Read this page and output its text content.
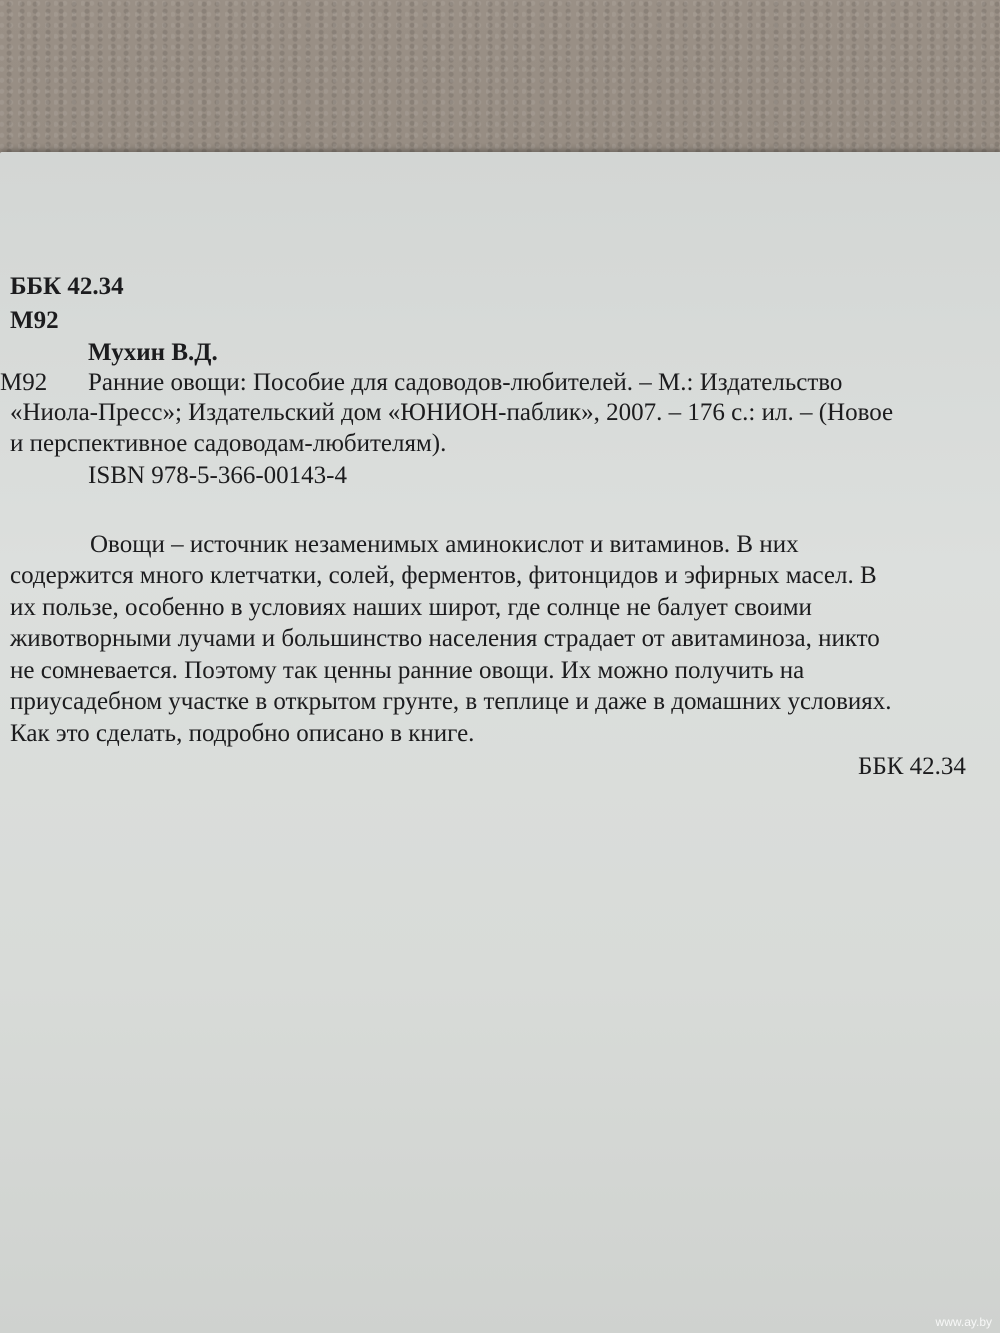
ББК 42.34
М92
Мухин В.Д.
М92 Ранние овощи: Пособие для садоводов-любителей. – М.: Издательство
«Ниола-Пресс»; Издательский дом «ЮНИОН-паблик», 2007. – 176 с.: ил. – (Новое
и перспективное садоводам-любителям).
ISBN 978-5-366-00143-4
Овощи – источник незаменимых аминокислот и витаминов. В них
содержится много клетчатки, солей, ферментов, фитонцидов и эфирных масел. В
их пользе, особенно в условиях наших широт, где солнце не балует своими
животворными лучами и большинство населения страдает от авитаминоза, никто
не сомневается. Поэтому так ценны ранние овощи. Их можно получить на
приусадебном участке в открытом грунте, в теплице и даже в домашних условиях.
Как это сделать, подробно описано в книге.
ББК 42.34
www.ay.by
